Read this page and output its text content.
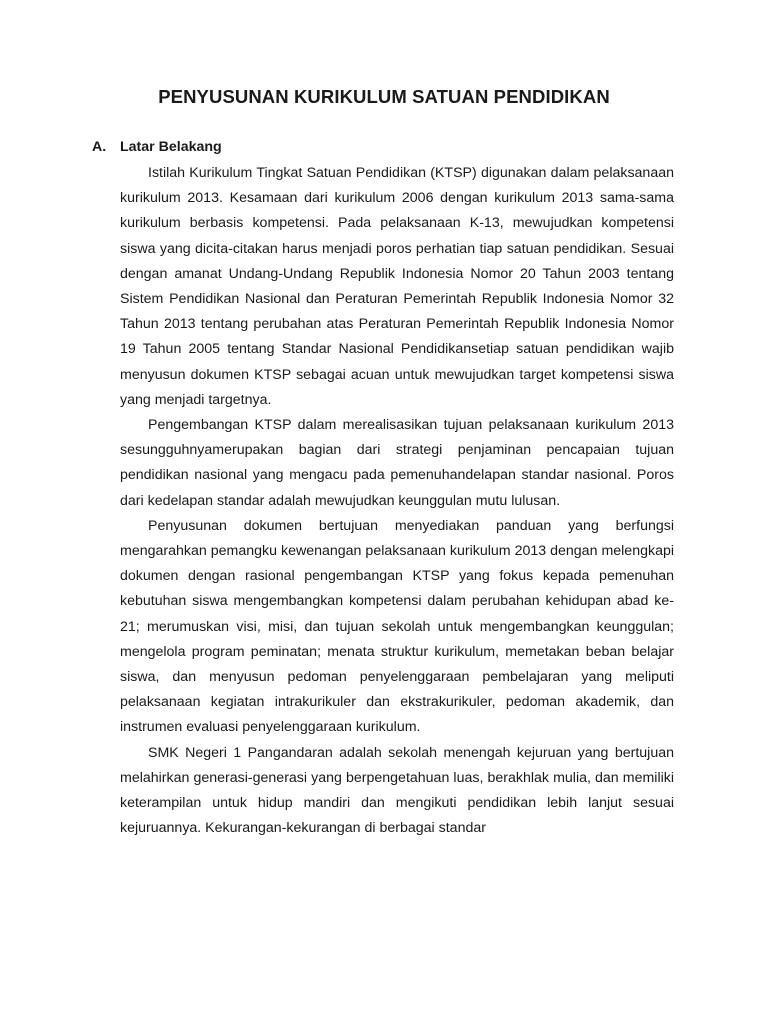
PENYUSUNAN KURIKULUM SATUAN PENDIDIKAN
A. Latar Belakang

Istilah Kurikulum Tingkat Satuan Pendidikan (KTSP) digunakan dalam pelaksanaan kurikulum 2013. Kesamaan dari kurikulum 2006 dengan kurikulum 2013 sama-sama kurikulum berbasis kompetensi. Pada pelaksanaan K-13, mewujudkan kompetensi siswa yang dicita-citakan harus menjadi poros perhatian tiap satuan pendidikan. Sesuai dengan amanat Undang-Undang Republik Indonesia Nomor 20 Tahun 2003 tentang Sistem Pendidikan Nasional dan Peraturan Pemerintah Republik Indonesia Nomor 32 Tahun 2013 tentang perubahan atas Peraturan Pemerintah Republik Indonesia Nomor 19 Tahun 2005 tentang Standar Nasional Pendidikansetiap satuan pendidikan wajib menyusun dokumen KTSP sebagai acuan untuk mewujudkan target kompetensi siswa yang menjadi targetnya.

Pengembangan KTSP dalam merealisasikan tujuan pelaksanaan kurikulum 2013 sesungguhnyamerupakan bagian dari strategi penjaminan pencapaian tujuan pendidikan nasional yang mengacu pada pemenuhandelapan standar nasional. Poros dari kedelapan standar adalah mewujudkan keunggulan mutu lulusan.

Penyusunan dokumen bertujuan menyediakan panduan yang berfungsi mengarahkan pemangku kewenangan pelaksanaan kurikulum 2013 dengan melengkapi dokumen dengan rasional pengembangan KTSP yang fokus kepada pemenuhan kebutuhan siswa mengembangkan kompetensi dalam perubahan kehidupan abad ke-21; merumuskan visi, misi, dan tujuan sekolah untuk mengembangkan keunggulan; mengelola program peminatan; menata struktur kurikulum, memetakan beban belajar siswa, dan menyusun pedoman penyelenggaraan pembelajaran yang meliputi pelaksanaan kegiatan intrakurikuler dan ekstrakurikuler, pedoman akademik, dan instrumen evaluasi penyelenggaraan kurikulum.

SMK Negeri 1 Pangandaran adalah sekolah menengah kejuruan yang bertujuan melahirkan generasi-generasi yang berpengetahuan luas, berakhlak mulia, dan memiliki keterampilan untuk hidup mandiri dan mengikuti pendidikan lebih lanjut sesuai kejuruannya. Kekurangan-kekurangan di berbagai standar
